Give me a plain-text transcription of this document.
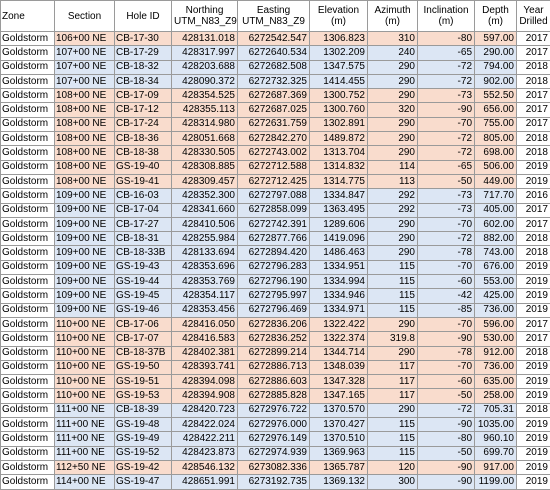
Zone	Section	Hole ID	Northing UTM_N83_Z9	Easting UTM_N83_Z9	Elevation (m)	Azimuth (m)	Inclination (m)	Depth (m)	Year Drilled
Goldstorm	106+00 NE	CB-17-30	428131.018	6272542.547	1306.823	310	-80	597.00	2017
Goldstorm	107+00 NE	CB-17-29	428317.997	6272640.534	1302.209	240	-65	290.00	2017
Goldstorm	107+00 NE	CB-18-32	428203.688	6272682.508	1347.575	290	-72	794.00	2018
Goldstorm	107+00 NE	CB-18-34	428090.372	6272732.325	1414.455	290	-72	902.00	2018
Goldstorm	108+00 NE	CB-17-09	428354.525	6272687.369	1300.752	290	-73	552.50	2017
Goldstorm	108+00 NE	CB-17-12	428355.113	6272687.025	1300.760	320	-90	656.00	2017
Goldstorm	108+00 NE	CB-17-24	428314.980	6272631.759	1302.891	290	-70	755.00	2017
Goldstorm	108+00 NE	CB-18-36	428051.668	6272842.270	1489.872	290	-72	805.00	2018
Goldstorm	108+00 NE	CB-18-38	428330.505	6272743.002	1313.704	290	-72	698.00	2018
Goldstorm	108+00 NE	GS-19-40	428308.885	6272712.588	1314.832	114	-65	506.00	2019
Goldstorm	108+00 NE	GS-19-41	428309.457	6272712.425	1314.775	113	-50	449.00	2019
Goldstorm	109+00 NE	CB-16-03	428352.300	6272797.088	1334.847	292	-73	717.70	2016
Goldstorm	109+00 NE	CB-17-04	428341.660	6272858.099	1363.495	292	-73	405.00	2017
Goldstorm	109+00 NE	CB-17-27	428410.506	6272742.391	1289.606	290	-70	602.00	2017
Goldstorm	109+00 NE	CB-18-31	428255.984	6272877.766	1419.096	290	-72	882.00	2018
Goldstorm	109+00 NE	CB-18-33B	428133.694	6272894.420	1486.463	290	-78	743.00	2018
Goldstorm	109+00 NE	GS-19-43	428353.696	6272796.283	1334.951	115	-70	676.00	2019
Goldstorm	109+00 NE	GS-19-44	428353.769	6272796.190	1334.994	115	-60	553.00	2019
Goldstorm	109+00 NE	GS-19-45	428354.117	6272795.997	1334.946	115	-42	425.00	2019
Goldstorm	109+00 NE	GS-19-46	428353.456	6272796.469	1334.971	115	-85	736.00	2019
Goldstorm	110+00 NE	CB-17-06	428416.050	6272836.206	1322.422	290	-70	596.00	2017
Goldstorm	110+00 NE	CB-17-07	428416.583	6272836.252	1322.374	319.8	-90	530.00	2017
Goldstorm	110+00 NE	CB-18-37B	428402.381	6272899.214	1344.714	290	-78	912.00	2018
Goldstorm	110+00 NE	GS-19-50	428393.741	6272886.713	1348.039	117	-70	736.00	2019
Goldstorm	110+00 NE	GS-19-51	428394.098	6272886.603	1347.328	117	-60	635.00	2019
Goldstorm	110+00 NE	GS-19-53	428394.908	6272885.828	1347.165	117	-50	258.00	2019
Goldstorm	111+00 NE	CB-18-39	428420.723	6272976.722	1370.570	290	-72	705.31	2018
Goldstorm	111+00 NE	GS-19-48	428422.024	6272976.000	1370.427	115	-90	1035.00	2019
Goldstorm	111+00 NE	GS-19-49	428422.211	6272976.149	1370.510	115	-80	960.10	2019
Goldstorm	111+00 NE	GS-19-52	428423.873	6272974.939	1369.963	115	-50	699.70	2019
Goldstorm	112+50 NE	GS-19-42	428546.132	6273082.336	1365.787	120	-90	917.00	2019
Goldstorm	114+00 NE	GS-19-47	428651.991	6273192.735	1369.132	300	-90	1199.00	2019
